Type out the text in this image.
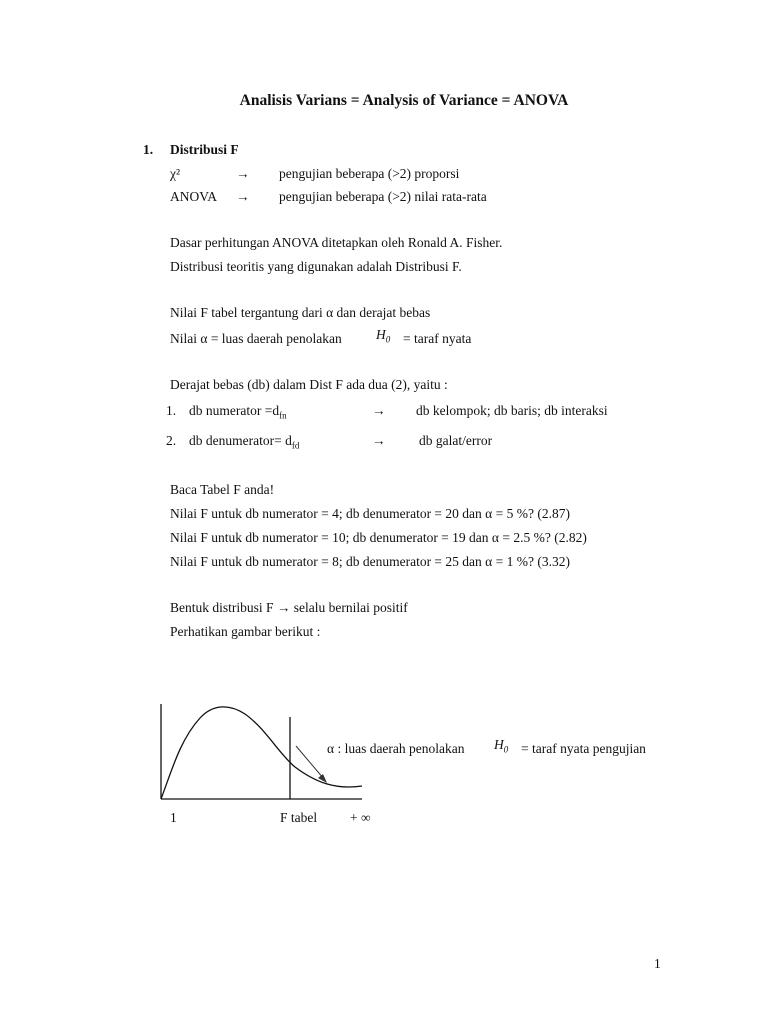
Analisis Varians = Analysis of Variance = ANOVA
1. Distribusi F
χ²	→ pengujian beberapa (>2) proporsi
ANOVA → pengujian beberapa (>2) nilai rata-rata
Dasar perhitungan ANOVA ditetapkan oleh Ronald A. Fisher.
Distribusi teoritis yang digunakan adalah Distribusi F.
Nilai F tabel tergantung dari α dan derajat bebas
Nilai α = luas daerah penolakan	$H_0$ = taraf nyata
Derajat bebas (db) dalam Dist F ada dua (2), yaitu :
1. db numerator $=d_{fn}$	→ db kelompok; db baris; db interaksi
2. db denumerator= $d_{fd}$	→ db galat/error
Baca Tabel F anda!
Nilai F untuk db numerator = 4; db denumerator = 20 dan α = 5 %? (2.87)
Nilai F untuk db numerator = 10; db denumerator = 19 dan α = 2.5 %? (2.82)
Nilai F untuk db numerator = 8; db denumerator = 25 dan α = 1 %? (3.32)
Bentuk distribusi F → selalu bernilai positif
Perhatikan gambar berikut :
α : luas daerah penolakan $H_0$ = taraf nyata pengujian
1	F tabel + ∞
1
